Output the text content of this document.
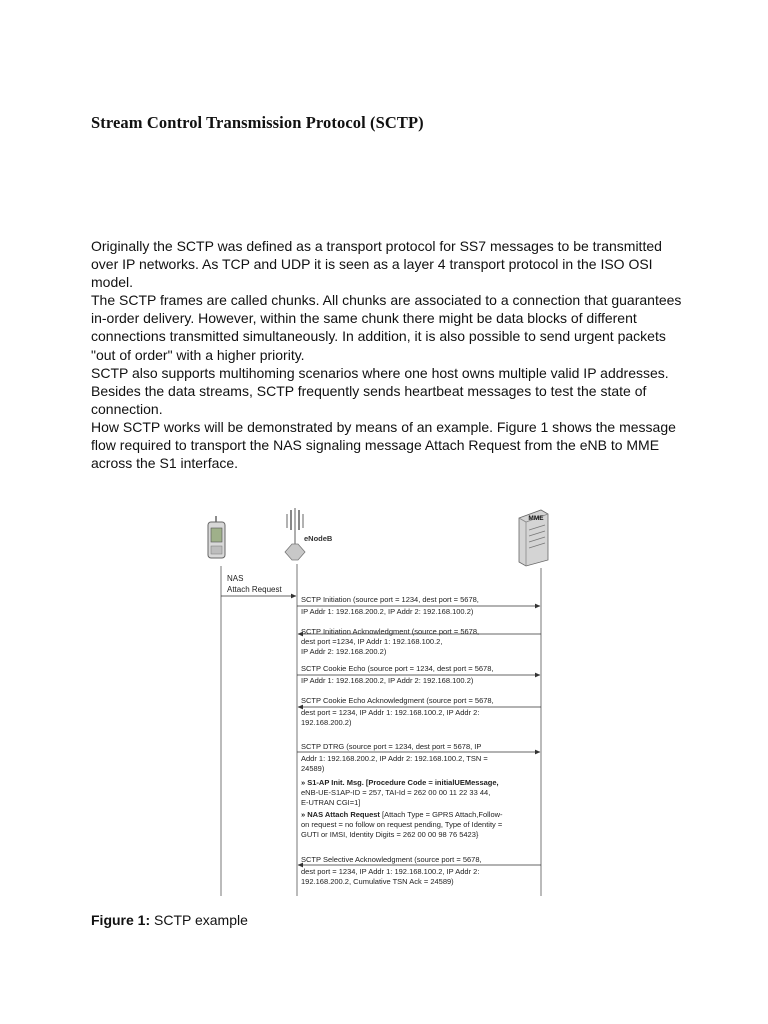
Stream Control Transmission Protocol (SCTP)

Originally the SCTP was defined as a transport protocol for SS7 messages to be transmitted over IP networks. As TCP and UDP it is seen as a layer 4 transport protocol in the ISO OSI model.

The SCTP frames are called chunks. All chunks are associated to a connection that guarantees in-order delivery. However, within the same chunk there might be data blocks of different connections transmitted simultaneously. In addition, it is also possible to send urgent packets "out of order" with a higher priority.

SCTP also supports multihoming scenarios where one host owns multiple valid IP addresses.

Besides the data streams, SCTP frequently sends heartbeat messages to test the state of connection.

How SCTP works will be demonstrated by means of an example. Figure 1 shows the message flow required to transport the NAS signaling message Attach Request from the eNB to MME across the S1 interface.

eNodeB
MME
NAS
Attach Request
SCTP Initiation (source port = 1234, dest port = 5678,
IP Addr 1: 192.168.200.2, IP Addr 2: 192.168.100.2)
SCTP Initiation Acknowledgment (source port = 5678,
dest port =1234, IP Addr 1: 192.168.100.2,
IP Addr 2: 192.168.200.2)
SCTP Cookie Echo (source port = 1234, dest port = 5678,
IP Addr 1: 192.168.200.2, IP Addr 2: 192.168.100.2)
SCTP Cookie Echo Acknowledgment (source port = 5678,
dest port = 1234, IP Addr 1: 192.168.100.2, IP Addr 2:
192.168.200.2)
SCTP DTRG (source port = 1234, dest port = 5678, IP
Addr 1: 192.168.200.2, IP Addr 2: 192.168.100.2, TSN =
24589)
» S1-AP Init. Msg. [Procedure Code = initialUEMessage,
eNB-UE-S1AP-ID = 257, TAI-Id = 262 00 00 11 22 33 44,
E-UTRAN CGI=1]
» NAS Attach Request [Attach Type = GPRS Attach,Follow-
on request = no follow on request pending, Type of Identity =
GUTI or IMSI, Identity Digits = 262 00 00 98 76 5423}
SCTP Selective Acknowledgment (source port = 5678,
dest port = 1234, IP Addr 1: 192.168.100.2, IP Addr 2:
192.168.200.2, Cumulative TSN Ack = 24589)
Figure 1: SCTP example
